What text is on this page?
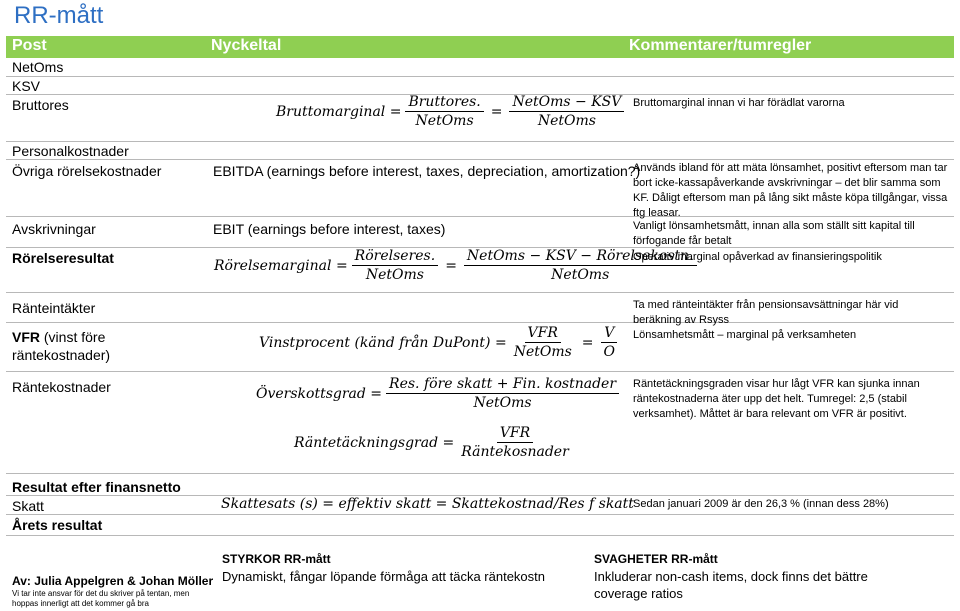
RR-mått
Post	Nyckeltal	Kommentarer/tumregler
NetOms
KSV
Bruttores
Personalkostnader
Övriga rörelsekostnader
Avskrivningar
Rörelseresultat
Ränteintäkter
VFR (vinst före
räntekostnader)
Räntekostnader
Resultat efter finansnetto
Skatt
Årets resultat
Bruttomarginal = $\frac{\text{Bruttores.}}{\text{NetOms}} = \frac{\text{NetOms − KSV}}{\text{NetOms}}$
EBITDA (earnings before interest, taxes, depreciation, amortization?)
EBIT (earnings before interest, taxes)
Rörelsemarginal = $\frac{\text{Rörelseres.}}{\text{NetOms}} = \frac{\text{NetOms − KSV − Rörelsekostn.}}{\text{NetOms}}$
Vinstprocent (känd från DuPont) = $\frac{\text{VFR}}{\text{NetOms}} = \frac{V}{O}$
Överskottsgrad = $\frac{\text{Res. före skatt + Fin. kostnader}}{\text{NetOms}}$
Räntetäckningsgrad = $\frac{\text{VFR}}{\text{Räntekosnader}}$
Skattesats (s) = effektiv skatt = Skattekostnad/Res f skatt
Bruttomarginal innan vi har förädlat varorna
Används ibland för att mäta lönsamhet, positivt eftersom man tar bort icke-kassapåverkande avskrivningar – det blir samma som KF. Dåligt eftersom man på lång sikt måste köpa tillgångar, vissa ftg leasar.
Vanligt lönsamhetsmått, innan alla som ställt sitt kapital till förfogande får betalt
Operativ marginal opåverkad av finansieringspolitik
Ta med ränteintäkter från pensionsavsättningar här vid beräkning av Rsyss
Lönsamhetsmått – marginal på verksamheten
Räntetäckningsgraden visar hur lågt VFR kan sjunka innan räntekostnaderna äter upp det helt. Tumregel: 2,5 (stabil verksamhet). Måttet är bara relevant om VFR är positivt.
Sedan januari 2009 är den 26,3 % (innan dess 28%)
Av: Julia Appelgren & Johan Möller
Vi tar inte ansvar för det du skriver på tentan, men hoppas innerligt att det kommer gå bra
STYRKOR RR-mått
Dynamiskt, fångar löpande förmåga att täcka räntekostn
SVAGHETER RR-mått
Inkluderar non-cash items, dock finns det bättre coverage ratios
